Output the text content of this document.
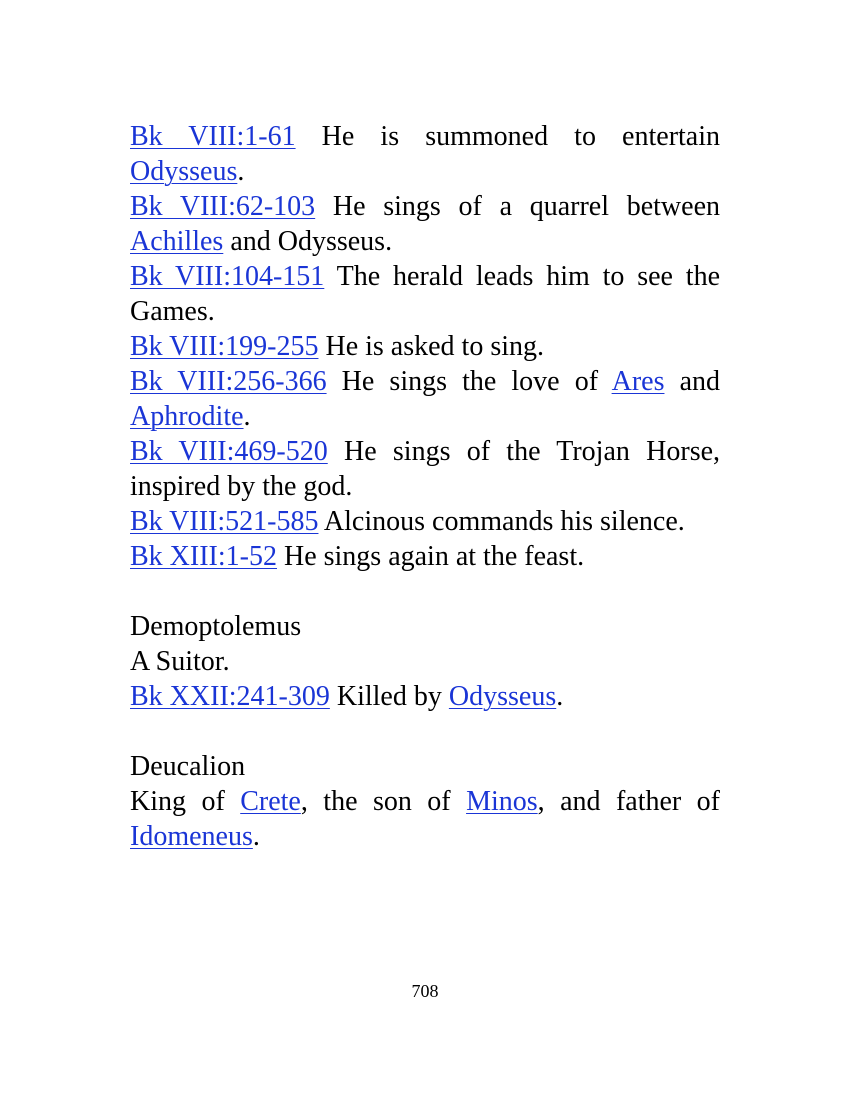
Bk VIII:1-61 He is summoned to entertain Odysseus.

Bk VIII:62-103 He sings of a quarrel between Achilles and Odysseus.

Bk VIII:104-151 The herald leads him to see the Games.

Bk VIII:199-255 He is asked to sing.

Bk VIII:256-366 He sings the love of Ares and Aphrodite.

Bk VIII:469-520 He sings of the Trojan Horse, inspired by the god.

Bk VIII:521-585 Alcinous commands his silence.

Bk XIII:1-52 He sings again at the feast.

Demoptolemus

A Suitor.

Bk XXII:241-309 Killed by Odysseus.

Deucalion

King of Crete, the son of Minos, and father of Idomeneus.

708
